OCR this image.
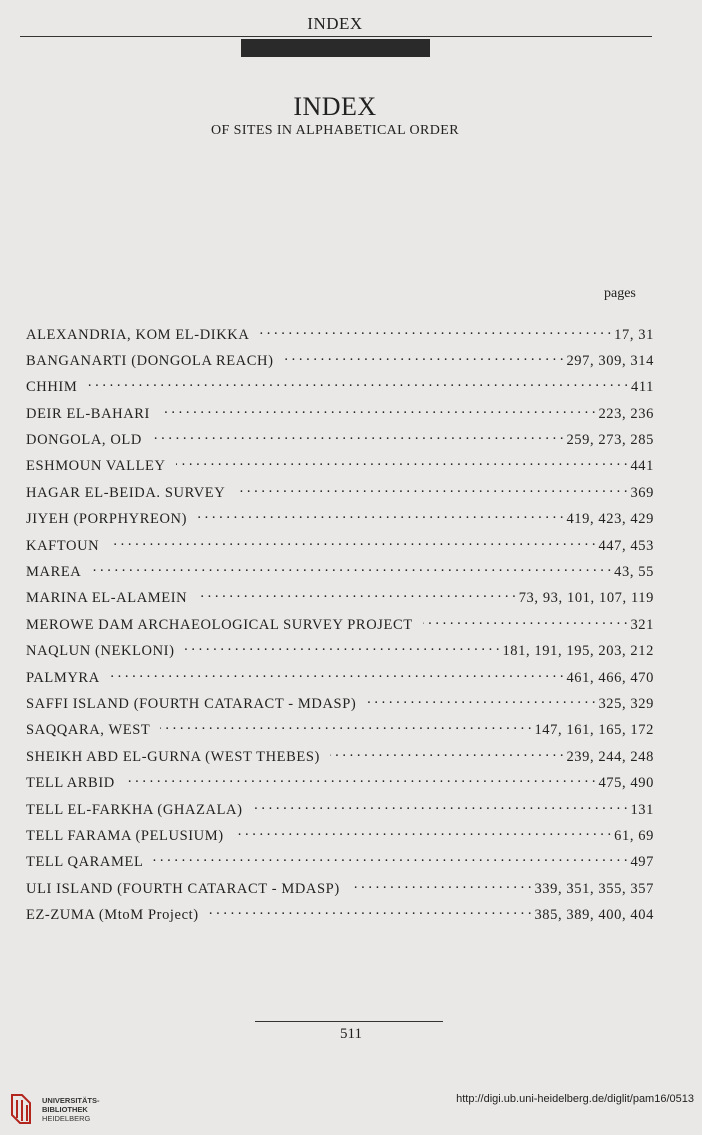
INDEX
INDEX
OF SITES IN ALPHABETICAL ORDER
pages
ALEXANDRIA, KOM EL-DIKKA . . .	17, 31
BANGANARTI (DONGOLA REACH) . . .	297, 309, 314
CHHIM . . .	411
DEIR EL-BAHARI . . .	223, 236
DONGOLA, OLD . . .	259, 273, 285
ESHMOUN VALLEY . . .	441
HAGAR EL-BEIDA. SURVEY . . .	369
JIYEH (PORPHYREON) . . .	419, 423, 429
KAFTOUN . . .	447, 453
MAREA . . .	43, 55
MARINA EL-ALAMEIN . . .	73, 93, 101, 107, 119
MEROWE DAM ARCHAEOLOGICAL SURVEY PROJECT . . .	321
NAQLUN (NEKLONI) . . .	181, 191, 195, 203, 212
PALMYRA . . .	461, 466, 470
SAFFI ISLAND (FOURTH CATARACT - MDASP) . . .	325, 329
SAQQARA, WEST . . .	147, 161, 165, 172
SHEIKH ABD EL-GURNA (WEST THEBES) . . .	239, 244, 248
TELL ARBID . . .	475, 490
TELL EL-FARKHA (GHAZALA) . . .	131
TELL FARAMA (PELUSIUM) . . .	61, 69
TELL QARAMEL . . .	497
ULI ISLAND (FOURTH CATARACT - MDASP) . . .	339, 351, 355, 357
EZ-ZUMA (MtoM Project) . . .	385, 389, 400, 404
511
UNIVERSITÄTS-
BIBLIOTHEK
HEIDELBERG
http://digi.ub.uni-heidelberg.de/diglit/pam16/0513
